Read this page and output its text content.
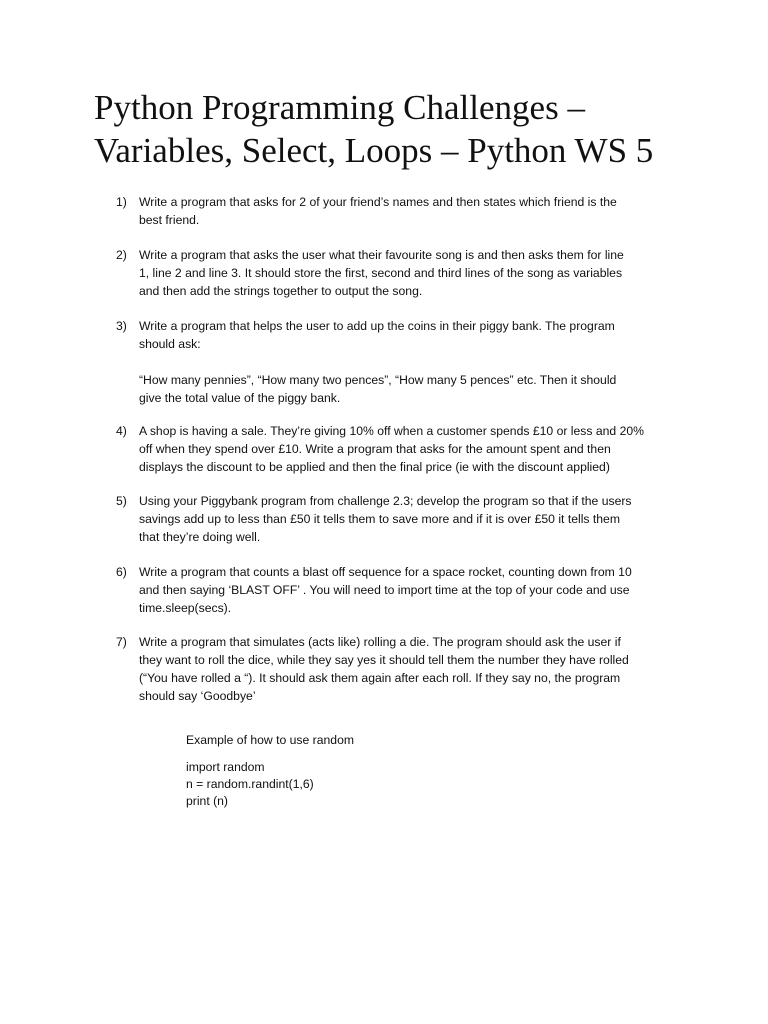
Python Programming Challenges –
Variables, Select, Loops – Python WS 5
1) Write a program that asks for 2 of your friend’s names and then states which friend is the
best friend.
2) Write a program that asks the user what their favourite song is and then asks them for line
1, line 2 and line 3. It should store the first, second and third lines of the song as variables
and then add the strings together to output the song.
3) Write a program that helps the user to add up the coins in their piggy bank. The program
should ask:
“How many pennies”, “How many two pences”, “How many 5 pences” etc. Then it should
give the total value of the piggy bank.
4) A shop is having a sale. They’re giving 10% off when a customer spends £10 or less and 20%
off when they spend over £10. Write a program that asks for the amount spent and then
displays the discount to be applied and then the final price (ie with the discount applied)
5) Using your Piggybank program from challenge 2.3; develop the program so that if the users
savings add up to less than £50 it tells them to save more and if it is over £50 it tells them
that they’re doing well.
6) Write a program that counts a blast off sequence for a space rocket, counting down from 10
and then saying ‘BLAST OFF’ . You will need to import time at the top of your code and use
time.sleep(secs).
7) Write a program that simulates (acts like) rolling a die. The program should ask the user if
they want to roll the dice, while they say yes it should tell them the number they have rolled
(“You have rolled a “). It should ask them again after each roll. If they say no, the program
should say ‘Goodbye’
Example of how to use random
import random
n = random.randint(1,6)
print (n)
